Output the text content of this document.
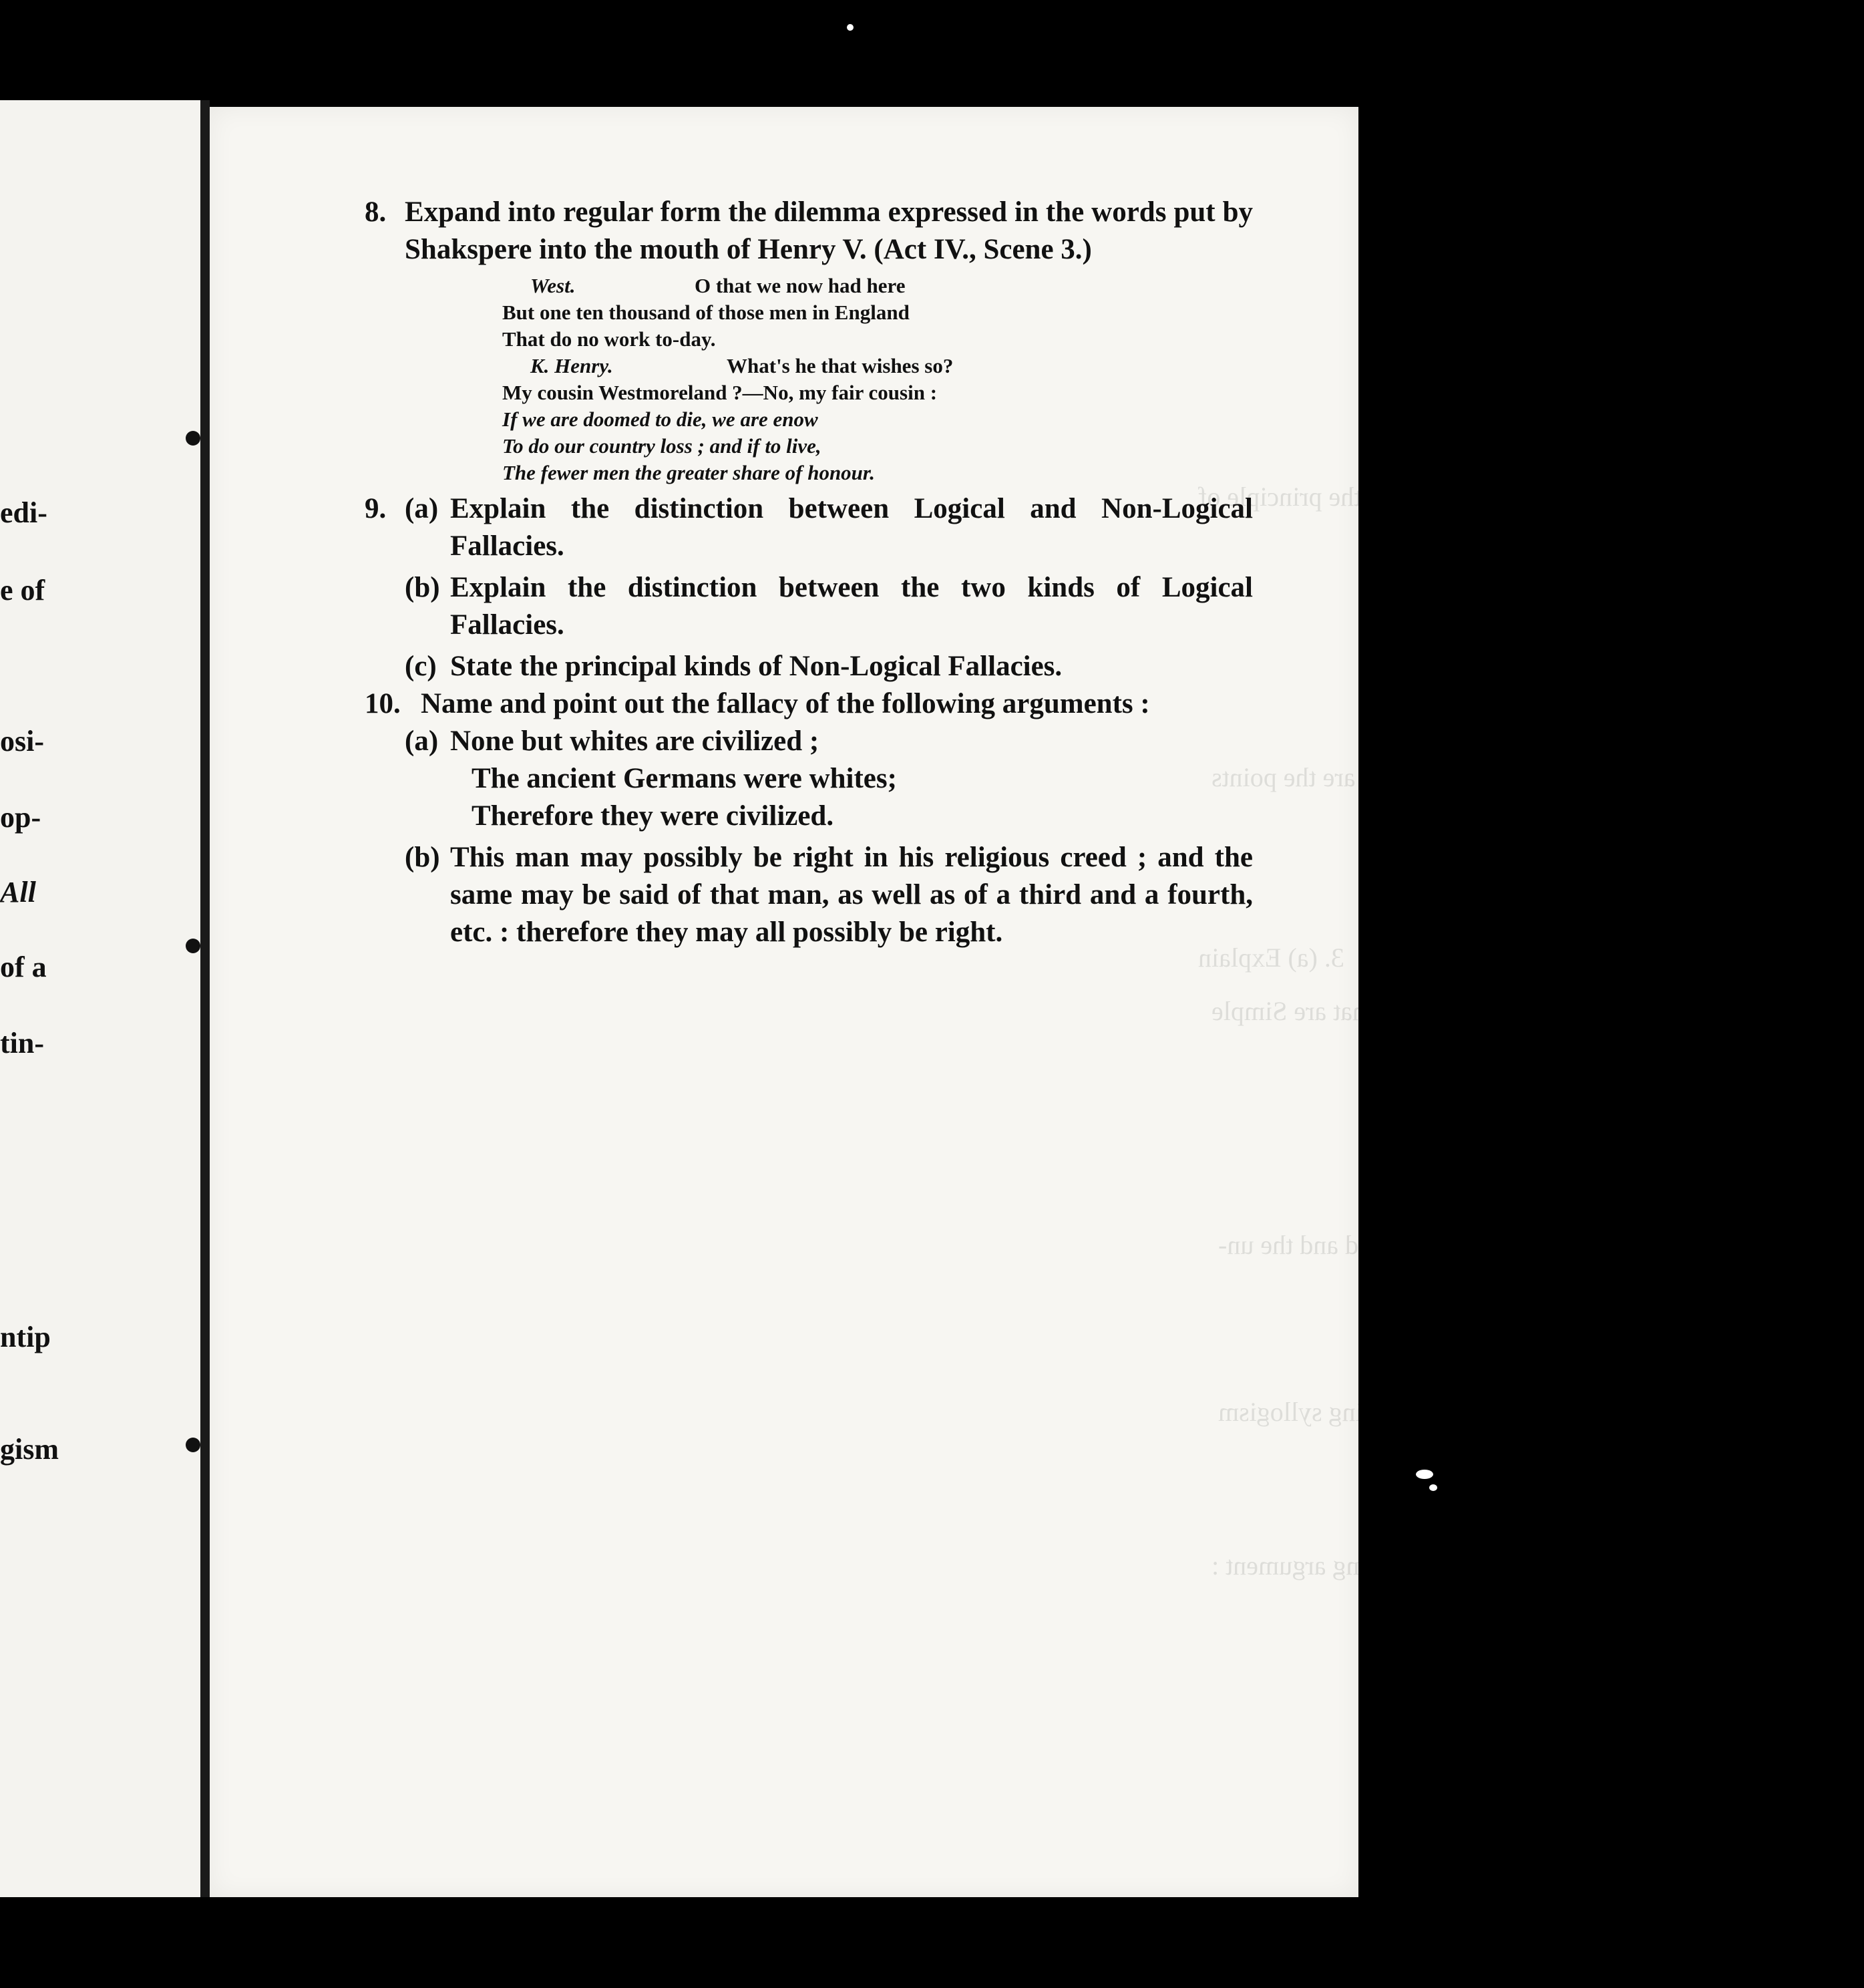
edi-
e of
osi-
op-
All
of a
tin-
ntip
gism
1. (a) State the principle of
2. What are the points
3. (a) Explain
4. (a) Explain the difference between the figured and the un-
5. In what mood of what figure is the following syllogism
6. Throw into Celarent the following argument :
7. What are Simple
8. Expand into regular form the dilemma expressed in the words put by Shakspere into the mouth of Henry V. (Act IV., Scene 3.)
West.	O that we now had here
But one ten thousand of those men in England
That do no work to-day.
K. Henry.	What's he that wishes so?
My cousin Westmoreland ?—No, my fair cousin :
If we are doomed to die, we are enow
To do our country loss ; and if to live,
The fewer men the greater share of honour.
9. (a) Explain the distinction between Logical and Non-Logical Fallacies.
(b) Explain the distinction between the two kinds of Logical Fallacies.
(c) State the principal kinds of Non-Logical Fallacies.
10. Name and point out the fallacy of the following arguments :
(a) None but whites are civilized ;
The ancient Germans were whites;
Therefore they were civilized.
(b) This man may possibly be right in his religious creed ; and the same may be said of that man, as well as of a third and a fourth, etc. : therefore they may all possibly be right.
